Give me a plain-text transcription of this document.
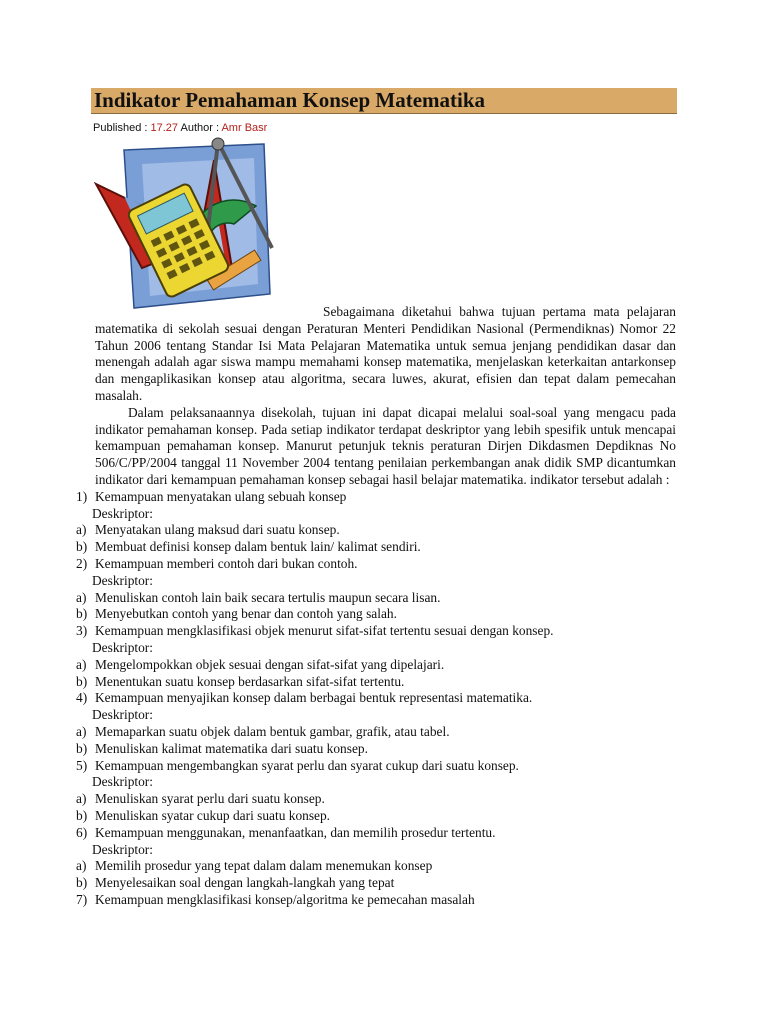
Indikator Pemahaman Konsep Matematika
Published : 17.27 Author : Amr Basr

Sebagaimana diketahui bahwa tujuan pertama mata pelajaran matematika di sekolah sesuai dengan Peraturan Menteri Pendidikan Nasional (Permendiknas) Nomor 22 Tahun 2006 tentang Standar Isi Mata Pelajaran Matematika untuk semua jenjang pendidikan dasar dan menengah adalah agar siswa mampu memahami konsep matematika, menjelaskan keterkaitan antarkonsep dan mengaplikasikan konsep atau algoritma, secara luwes, akurat, efisien dan tepat dalam pemecahan masalah.

Dalam pelaksanaannya disekolah, tujuan ini dapat dicapai melalui soal-soal yang mengacu pada indikator pemahaman konsep. Pada setiap indikator terdapat deskriptor yang lebih spesifik untuk mencapai kemampuan pemahaman konsep. Manurut petunjuk teknis peraturan Dirjen Dikdasmen Depdiknas No 506/C/PP/2004 tanggal 11 November 2004 tentang penilaian perkembangan anak didik SMP dicantumkan indikator dari kemampuan pemahaman konsep sebagai hasil belajar matematika. indikator tersebut adalah :

1) Kemampuan menyatakan ulang sebuah konsep

Deskriptor:

a) Menyatakan ulang maksud dari suatu konsep.

b) Membuat definisi konsep dalam bentuk lain/ kalimat sendiri.

2) Kemampuan memberi contoh dari bukan contoh.

Deskriptor:

a) Menuliskan contoh lain baik secara tertulis maupun secara lisan.

b) Menyebutkan contoh yang benar dan contoh yang salah.

3) Kemampuan mengklasifikasi objek menurut sifat-sifat tertentu sesuai dengan konsep.

Deskriptor:

a) Mengelompokkan objek sesuai dengan sifat-sifat yang dipelajari.

b) Menentukan suatu konsep berdasarkan sifat-sifat tertentu.

4) Kemampuan menyajikan konsep dalam berbagai bentuk representasi matematika.

Deskriptor:

a) Memaparkan suatu objek dalam bentuk gambar, grafik, atau tabel.

b) Menuliskan kalimat matematika dari suatu konsep.

5) Kemampuan mengembangkan syarat perlu dan syarat cukup dari suatu konsep.

Deskriptor:

a) Menuliskan syarat perlu dari suatu konsep.

b) Menuliskan syatar cukup dari suatu konsep.

6) Kemampuan menggunakan, menanfaatkan, dan memilih prosedur tertentu.

Deskriptor:

a) Memilih prosedur yang tepat dalam dalam menemukan konsep

b) Menyelesaikan soal dengan langkah-langkah yang tepat

7) Kemampuan mengklasifikasi konsep/algoritma ke pemecahan masalah
